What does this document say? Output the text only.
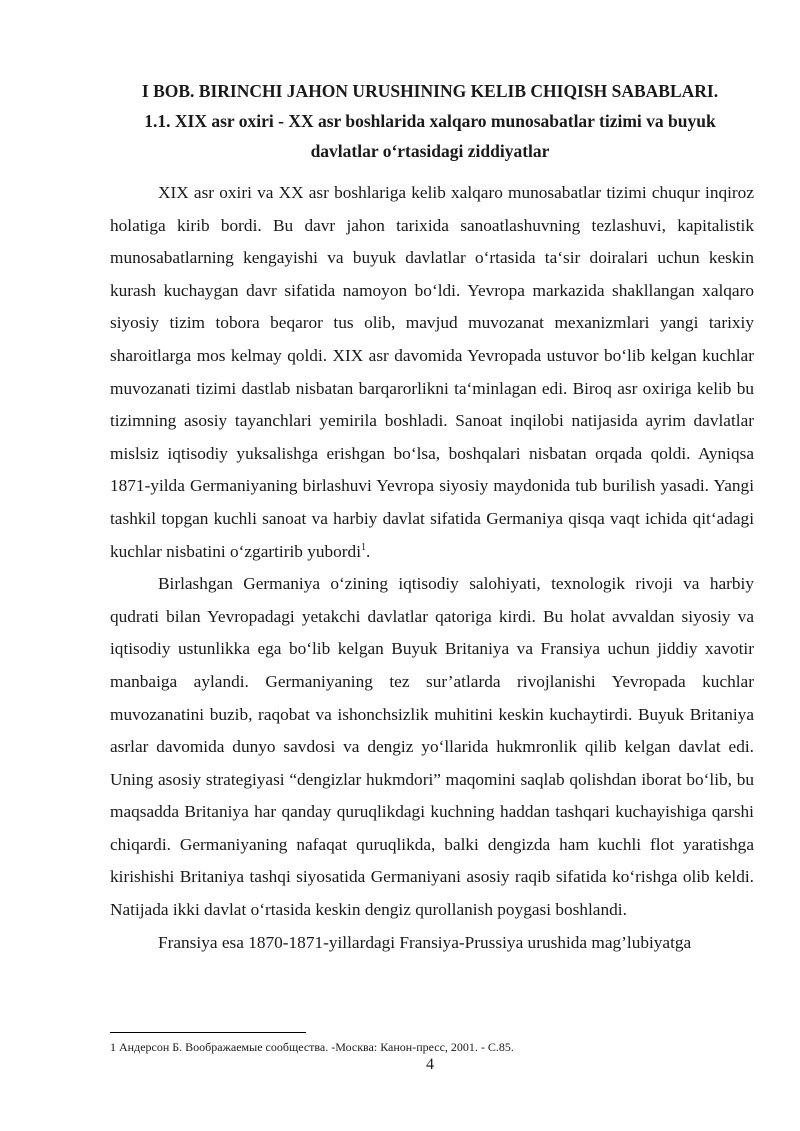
I BOB. BIRINCHI JAHON URUSHINING KELIB CHIQISH SABABLARI.
1.1. XIX asr oxiri - XX asr boshlarida xalqaro munosabatlar tizimi va buyuk
davlatlar oʻrtasidagi ziddiyatlar

XIX asr oxiri va XX asr boshlariga kelib xalqaro munosabatlar tizimi chuqur inqiroz holatiga kirib bordi. Bu davr jahon tarixida sanoatlashuvning tezlashuvi, kapitalistik munosabatlarning kengayishi va buyuk davlatlar oʻrtasida taʻsir doiralari uchun keskin kurash kuchaygan davr sifatida namoyon boʻldi. Yevropa markazida shakllangan xalqaro siyosiy tizim tobora beqaror tus olib, mavjud muvozanat mexanizmlari yangi tarixiy sharoitlarga mos kelmay qoldi. XIX asr davomida Yevropada ustuvor boʻlib kelgan kuchlar muvozanati tizimi dastlab nisbatan barqarorlikni taʻminlagan edi. Biroq asr oxiriga kelib bu tizimning asosiy tayanchlari yemirila boshladi. Sanoat inqilobi natijasida ayrim davlatlar mislsiz iqtisodiy yuksalishga erishgan boʻlsa, boshqalari nisbatan orqada qoldi. Ayniqsa 1871-yilda Germaniyaning birlashuvi Yevropa siyosiy maydonida tub burilish yasadi. Yangi tashkil topgan kuchli sanoat va harbiy davlat sifatida Germaniya qisqa vaqt ichida qitʻadagi kuchlar nisbatini oʻzgartirib yubordi$^1$.

Birlashgan Germaniya oʻzining iqtisodiy salohiyati, texnologik rivoji va harbiy qudrati bilan Yevropadagi yetakchi davlatlar qatoriga kirdi. Bu holat avvaldan siyosiy va iqtisodiy ustunlikka ega boʻlib kelgan Buyuk Britaniya va Fransiya uchun jiddiy xavotir manbaiga aylandi. Germaniyaning tez sur’atlarda rivojlanishi Yevropada kuchlar muvozanatini buzib, raqobat va ishonchsizlik muhitini keskin kuchaytirdi. Buyuk Britaniya asrlar davomida dunyo savdosi va dengiz yoʻllarida hukmronlik qilib kelgan davlat edi. Uning asosiy strategiyasi “dengizlar hukmdori” maqomini saqlab qolishdan iborat boʻlib, bu maqsadda Britaniya har qanday quruqlikdagi kuchning haddan tashqari kuchayishiga qarshi chiqardi. Germaniyaning nafaqat quruqlikda, balki dengizda ham kuchli flot yaratishga kirishishi Britaniya tashqi siyosatida Germaniyani asosiy raqib sifatida koʻrishga olib keldi. Natijada ikki davlat oʻrtasida keskin dengiz qurollanish poygasi boshlandi.

Fransiya esa 1870-1871-yillardagi Fransiya-Prussiya urushida mag’lubiyatga

1 Андерсон Б. Воображаемые сообщества. -Москва: Канон-пресс, 2001. - С.85.
4
